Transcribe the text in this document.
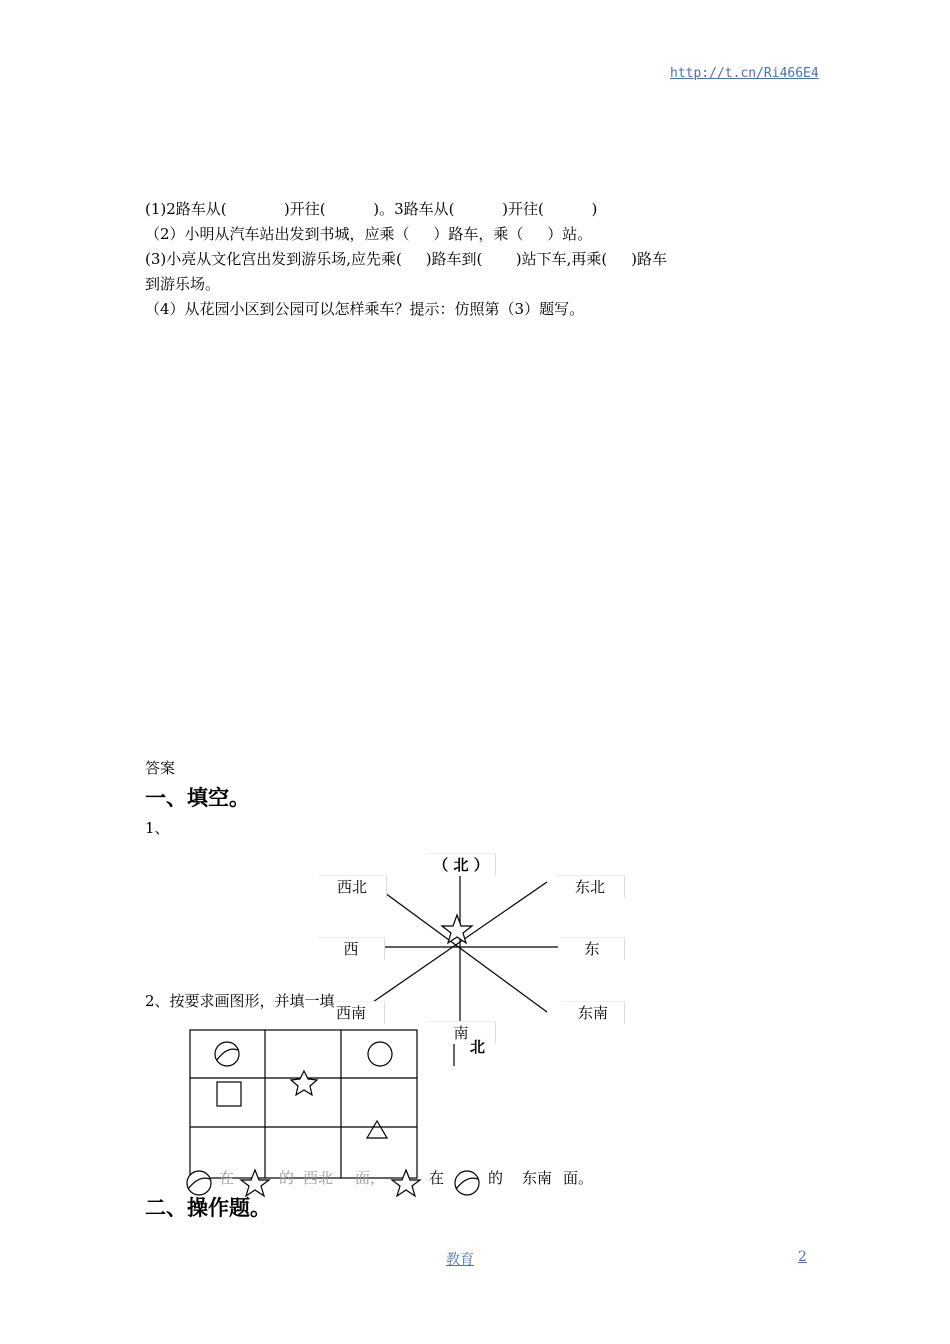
http://t.cn/Ri466E4
(1)2路车从(            )开往(          )。3路车从(          )开往(          )
（2）小明从汽车站出发到书城，应乘（     ）路车，乘（     ）站。
(3)小亮从文化宫出发到游乐场,应先乘(     )路车到(       )站下车,再乘(     )路车
到游乐场。
（4）从花园小区到公园可以怎样乘车？提示：仿照第（3）题写。
答案
一、填空。
1、
（ 北 ）
西北	东北
西	东
西南	东南
南
2、按要求画图形，并填一填
北
在	的 西北 面，	在	的 东南 面。
二、操作题。
教育	2
